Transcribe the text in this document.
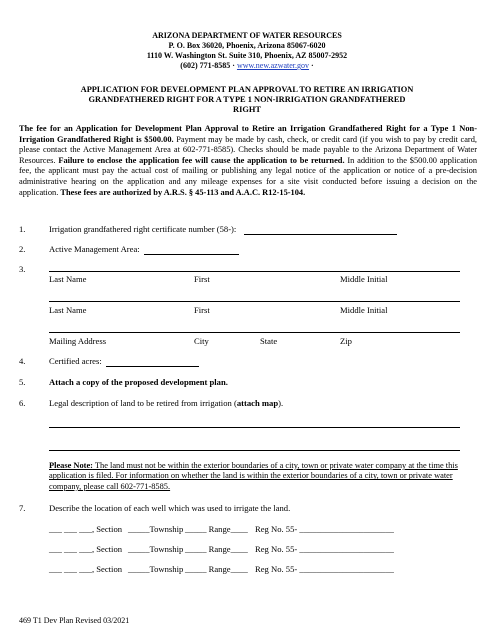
ARIZONA DEPARTMENT OF WATER RESOURCES
P. O. Box 36020, Phoenix, Arizona 85067-6020
1110 W. Washington St. Suite 310, Phoenix, AZ 85007-2952
(602) 771-8585 · www.new.azwater.gov ·
APPLICATION FOR DEVELOPMENT PLAN APPROVAL TO RETIRE AN IRRIGATION
GRANDFATHERED RIGHT FOR A TYPE 1 NON-IRRIGATION GRANDFATHERED
RIGHT
The fee for an Application for Development Plan Approval to Retire an Irrigation Grandfathered Right for a Type 1 Non-Irrigation Grandfathered Right is $500.00. Payment may be made by cash, check, or credit card (if you wish to pay by credit card, please contact the Active Management Area at 602-771-8585). Checks should be made payable to the Arizona Department of Water Resources. Failure to enclose the application fee will cause the application to be returned. In addition to the $500.00 application fee, the applicant must pay the actual cost of mailing or publishing any legal notice of the application or notice of a pre-decision administrative hearing on the application and any mileage expenses for a site visit conducted before issuing a decision on the application. These fees are authorized by A.R.S. § 45-113 and A.A.C. R12-15-104.
1.	Irrigation grandfathered right certificate number (58-):
2.	Active Management Area:
3.
Last Name	First	Middle Initial
Last Name	First	Middle Initial
Mailing Address	City	State	Zip
4.	Certified acres:
5.	Attach a copy of the proposed development plan.
6.	Legal description of land to be retired from irrigation (attach map).
Please Note: The land must not be within the exterior boundaries of a city, town or private water company at the time this application is filed. For information on whether the land is within the exterior boundaries of a city, town or private water company, please call 602-771-8585.
7.	Describe the location of each well which was used to irrigate the land.
___ ___ ___, Section _____Township _____ Range____ Reg No. 55- ______________________
___ ___ ___, Section _____Township _____ Range____ Reg No. 55- ______________________
___ ___ ___, Section _____Township _____ Range____ Reg No. 55- ______________________
469 T1 Dev Plan Revised 03/2021
